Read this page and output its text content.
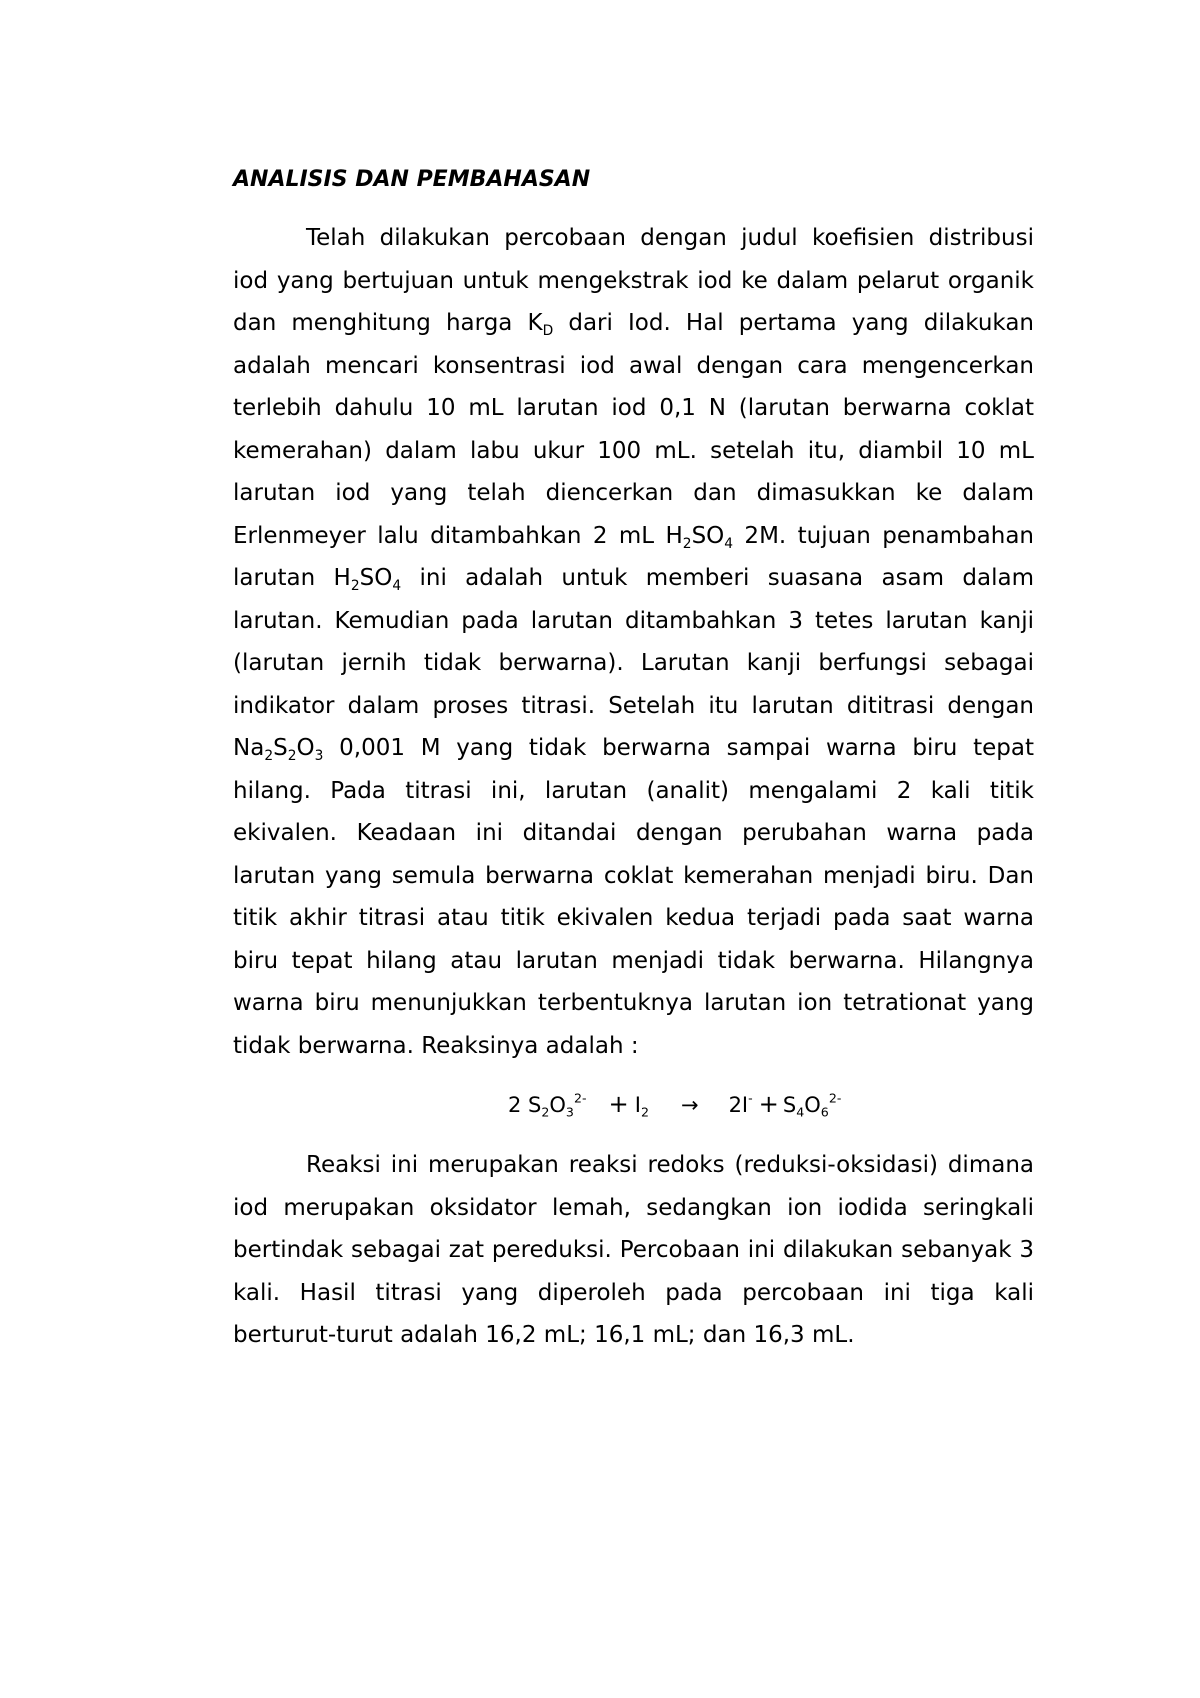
ANALISIS DAN PEMBAHASAN

Telah dilakukan percobaan dengan judul koefisien distribusi iod yang bertujuan untuk mengekstrak iod ke dalam pelarut organik dan menghitung harga $K_D$ dari Iod. Hal pertama yang dilakukan adalah mencari konsentrasi iod awal dengan cara mengencerkan terlebih dahulu 10 mL larutan iod 0,1 N (larutan berwarna coklat kemerahan) dalam labu ukur 100 mL. setelah itu, diambil 10 mL larutan iod yang telah diencerkan dan dimasukkan ke dalam Erlenmeyer lalu ditambahkan 2 mL $H_2SO_4$ 2M. tujuan penambahan larutan $H_2SO_4$ ini adalah untuk memberi suasana asam dalam larutan. Kemudian pada larutan ditambahkan 3 tetes larutan kanji (larutan jernih tidak berwarna). Larutan kanji berfungsi sebagai indikator dalam proses titrasi. Setelah itu larutan dititrasi dengan $Na_2S_2O_3$ 0,001 M yang tidak berwarna sampai warna biru tepat hilang. Pada titrasi ini, larutan (analit) mengalami 2 kali titik ekivalen. Keadaan ini ditandai dengan perubahan warna pada larutan yang semula berwarna coklat kemerahan menjadi biru. Dan titik akhir titrasi atau titik ekivalen kedua terjadi pada saat warna biru tepat hilang atau larutan menjadi tidak berwarna. Hilangnya warna biru menunjukkan terbentuknya larutan ion tetrationat yang tidak berwarna. Reaksinya adalah :

2 $S_2O_3^{2-} + I_2 \to 2I^- + S_4O_6^{2-}$

Reaksi ini merupakan reaksi redoks (reduksi-oksidasi) dimana iod merupakan oksidator lemah, sedangkan ion iodida seringkali bertindak sebagai zat pereduksi. Percobaan ini dilakukan sebanyak 3 kali. Hasil titrasi yang diperoleh pada percobaan ini tiga kali berturut-turut adalah 16,2 mL; 16,1 mL; dan 16,3 mL.
